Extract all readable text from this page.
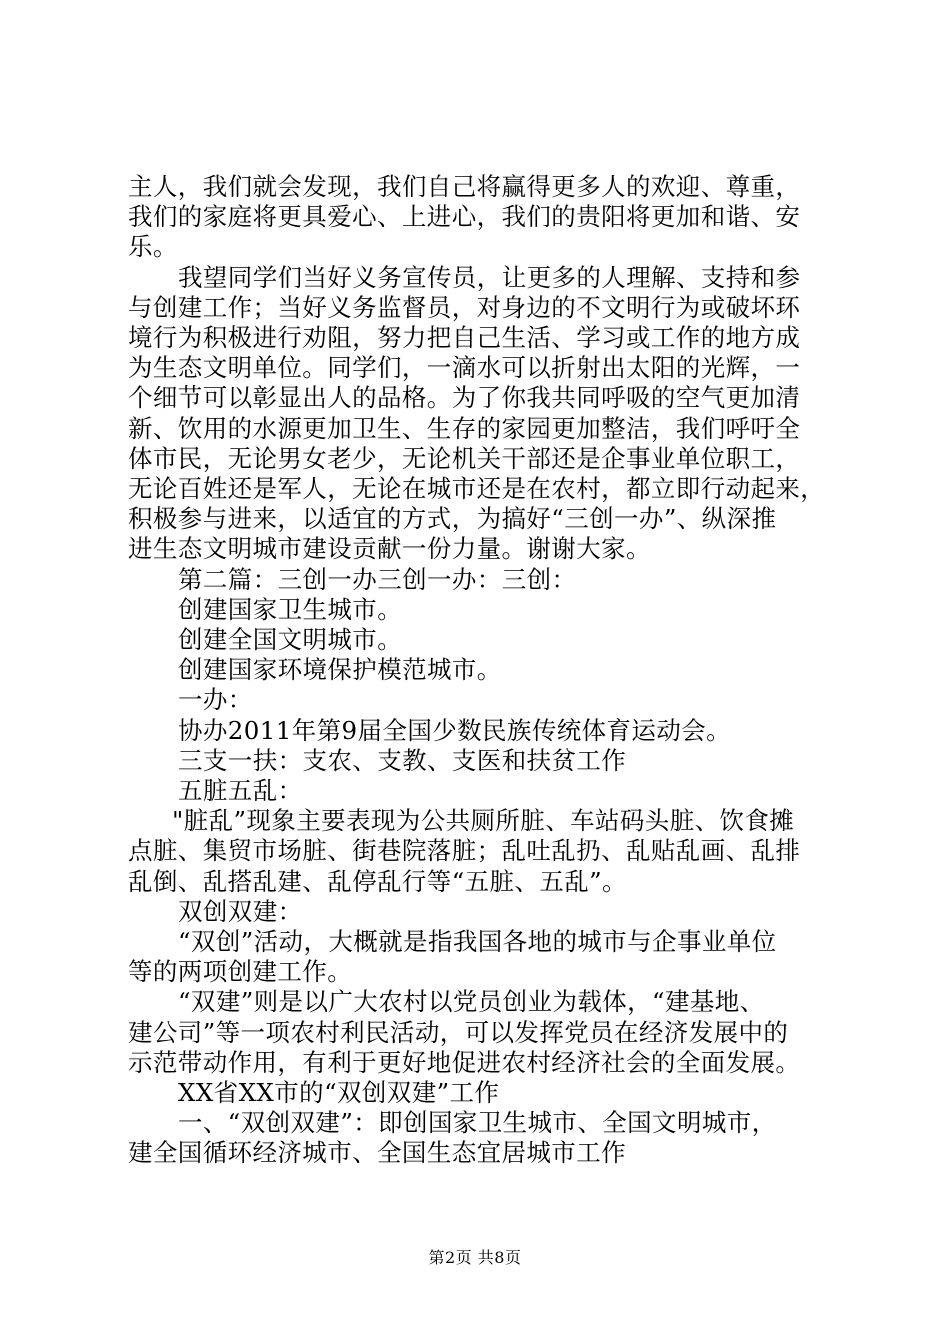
主人，我们就会发现，我们自己将赢得更多人的欢迎、尊重，
我们的家庭将更具爱心、上进心，我们的贵阳将更加和谐、安
乐。
我望同学们当好义务宣传员，让更多的人理解、支持和参
与创建工作；当好义务监督员，对身边的不文明行为或破坏环
境行为积极进行劝阻，努力把自己生活、学习或工作的地方成
为生态文明单位。同学们，一滴水可以折射出太阳的光辉，一
个细节可以彰显出人的品格。为了你我共同呼吸的空气更加清
新、饮用的水源更加卫生、生存的家园更加整洁，我们呼吁全
体市民，无论男女老少，无论机关干部还是企事业单位职工，
无论百姓还是军人，无论在城市还是在农村，都立即行动起来，
积极参与进来，以适宜的方式，为搞好“三创一办”、纵深推
进生态文明城市建设贡献一份力量。谢谢大家。
第二篇：三创一办三创一办：三创：
创建国家卫生城市。
创建全国文明城市。
创建国家环境保护模范城市。
一办：
协办2011年第9届全国少数民族传统体育运动会。
三支一扶：支农、支教、支医和扶贫工作
五脏五乱：
"脏乱”现象主要表现为公共厕所脏、车站码头脏、饮食摊
点脏、集贸市场脏、街巷院落脏；乱吐乱扔、乱贴乱画、乱排
乱倒、乱搭乱建、乱停乱行等“五脏、五乱”。
双创双建：
“双创”活动，大概就是指我国各地的城市与企事业单位
等的两项创建工作。
“双建”则是以广大农村以党员创业为载体，“建基地、
建公司”等一项农村利民活动，可以发挥党员在经济发展中的
示范带动作用，有利于更好地促进农村经济社会的全面发展。
XX省XX市的“双创双建”工作
一、“双创双建”：即创国家卫生城市、全国文明城市，
建全国循环经济城市、全国生态宜居城市工作
第2页 共8页
